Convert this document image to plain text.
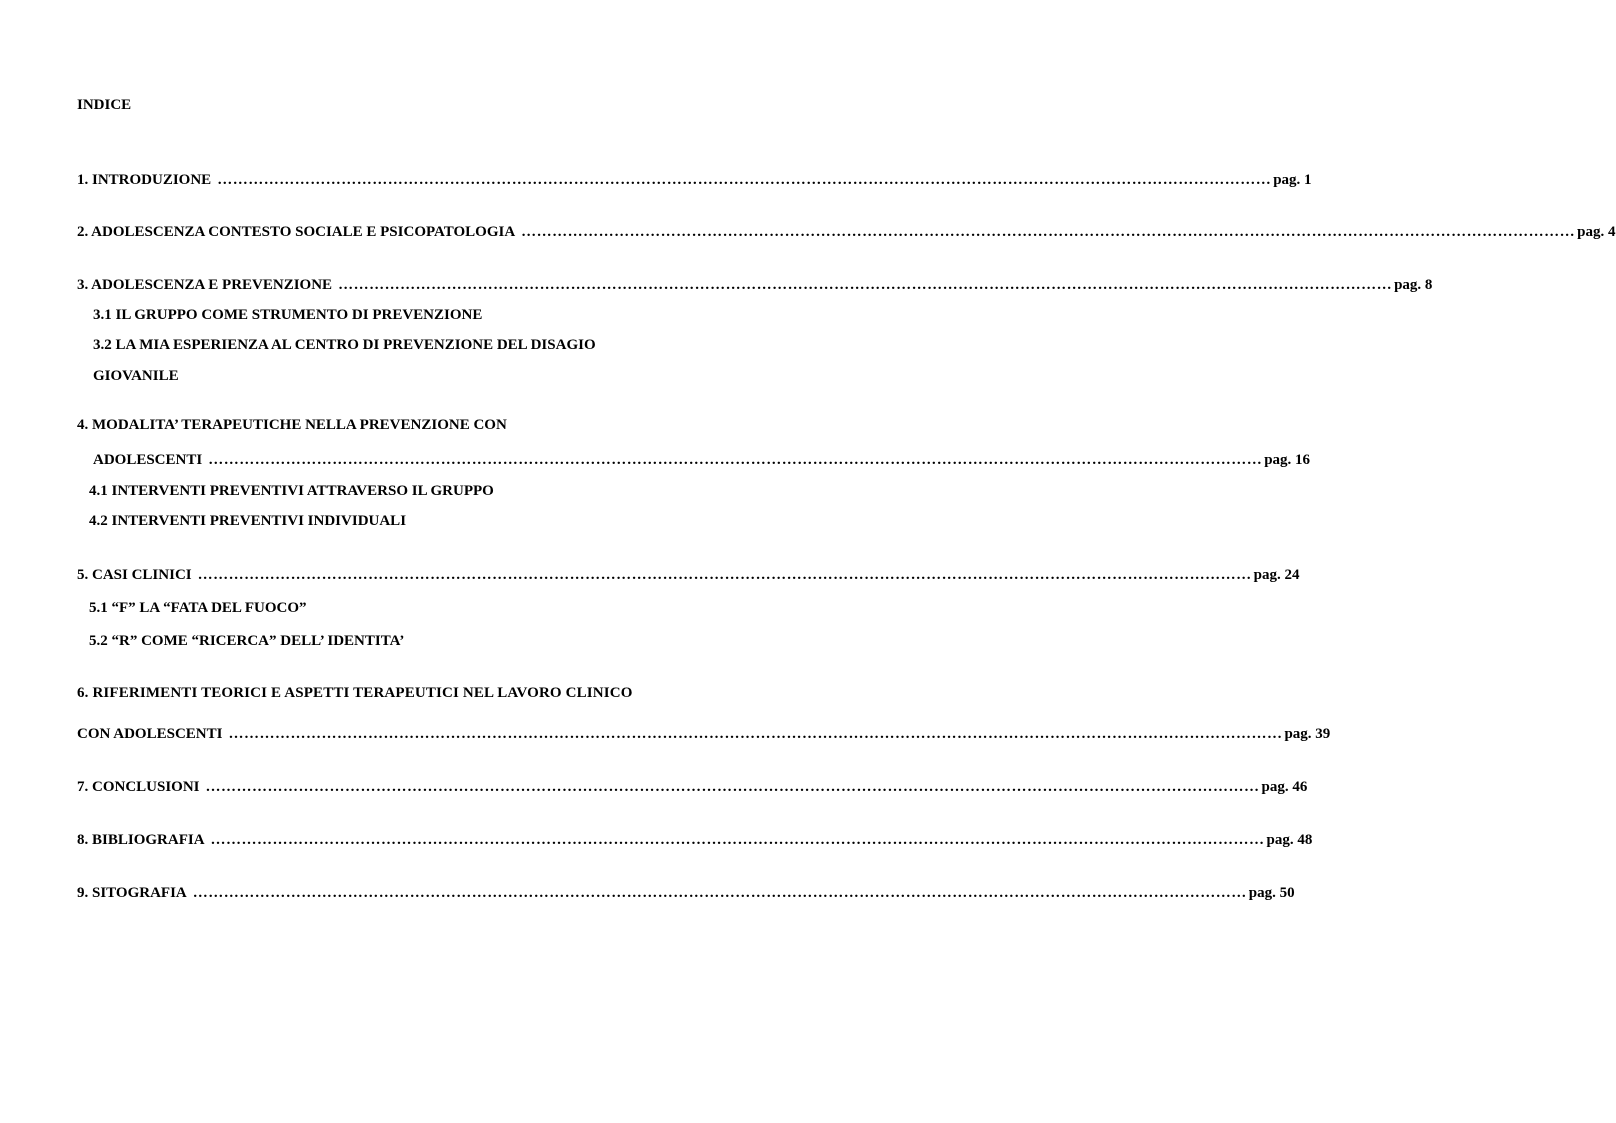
INDICE
1. INTRODUZIONE …………………………………………………………………………………………………………………………………………………………………………………… pag. 1
2. ADOLESCENZA CONTESTO SOCIALE E PSICOPATOLOGIA …………………………………………………………………………………………………………………………………………………………………………………… pag. 4
3. ADOLESCENZA E PREVENZIONE …………………………………………………………………………………………………………………………………………………………………………………… pag. 8
3.1 IL GRUPPO COME STRUMENTO DI PREVENZIONE
3.2 LA MIA ESPERIENZA AL CENTRO DI PREVENZIONE DEL DISAGIO
GIOVANILE
4. MODALITA’ TERAPEUTICHE NELLA PREVENZIONE CON
ADOLESCENTI …………………………………………………………………………………………………………………………………………………………………………………… pag. 16
4.1 INTERVENTI PREVENTIVI ATTRAVERSO IL GRUPPO
4.2 INTERVENTI PREVENTIVI INDIVIDUALI
5. CASI CLINICI …………………………………………………………………………………………………………………………………………………………………………………… pag. 24
5.1 “F” LA “FATA DEL FUOCO”
5.2 “R” COME “RICERCA” DELL’ IDENTITA’
6. RIFERIMENTI TEORICI E ASPETTI TERAPEUTICI NEL LAVORO CLINICO
CON ADOLESCENTI …………………………………………………………………………………………………………………………………………………………………………………… pag. 39
7. CONCLUSIONI …………………………………………………………………………………………………………………………………………………………………………………… pag. 46
8. BIBLIOGRAFIA …………………………………………………………………………………………………………………………………………………………………………………… pag. 48
9. SITOGRAFIA …………………………………………………………………………………………………………………………………………………………………………………… pag. 50
